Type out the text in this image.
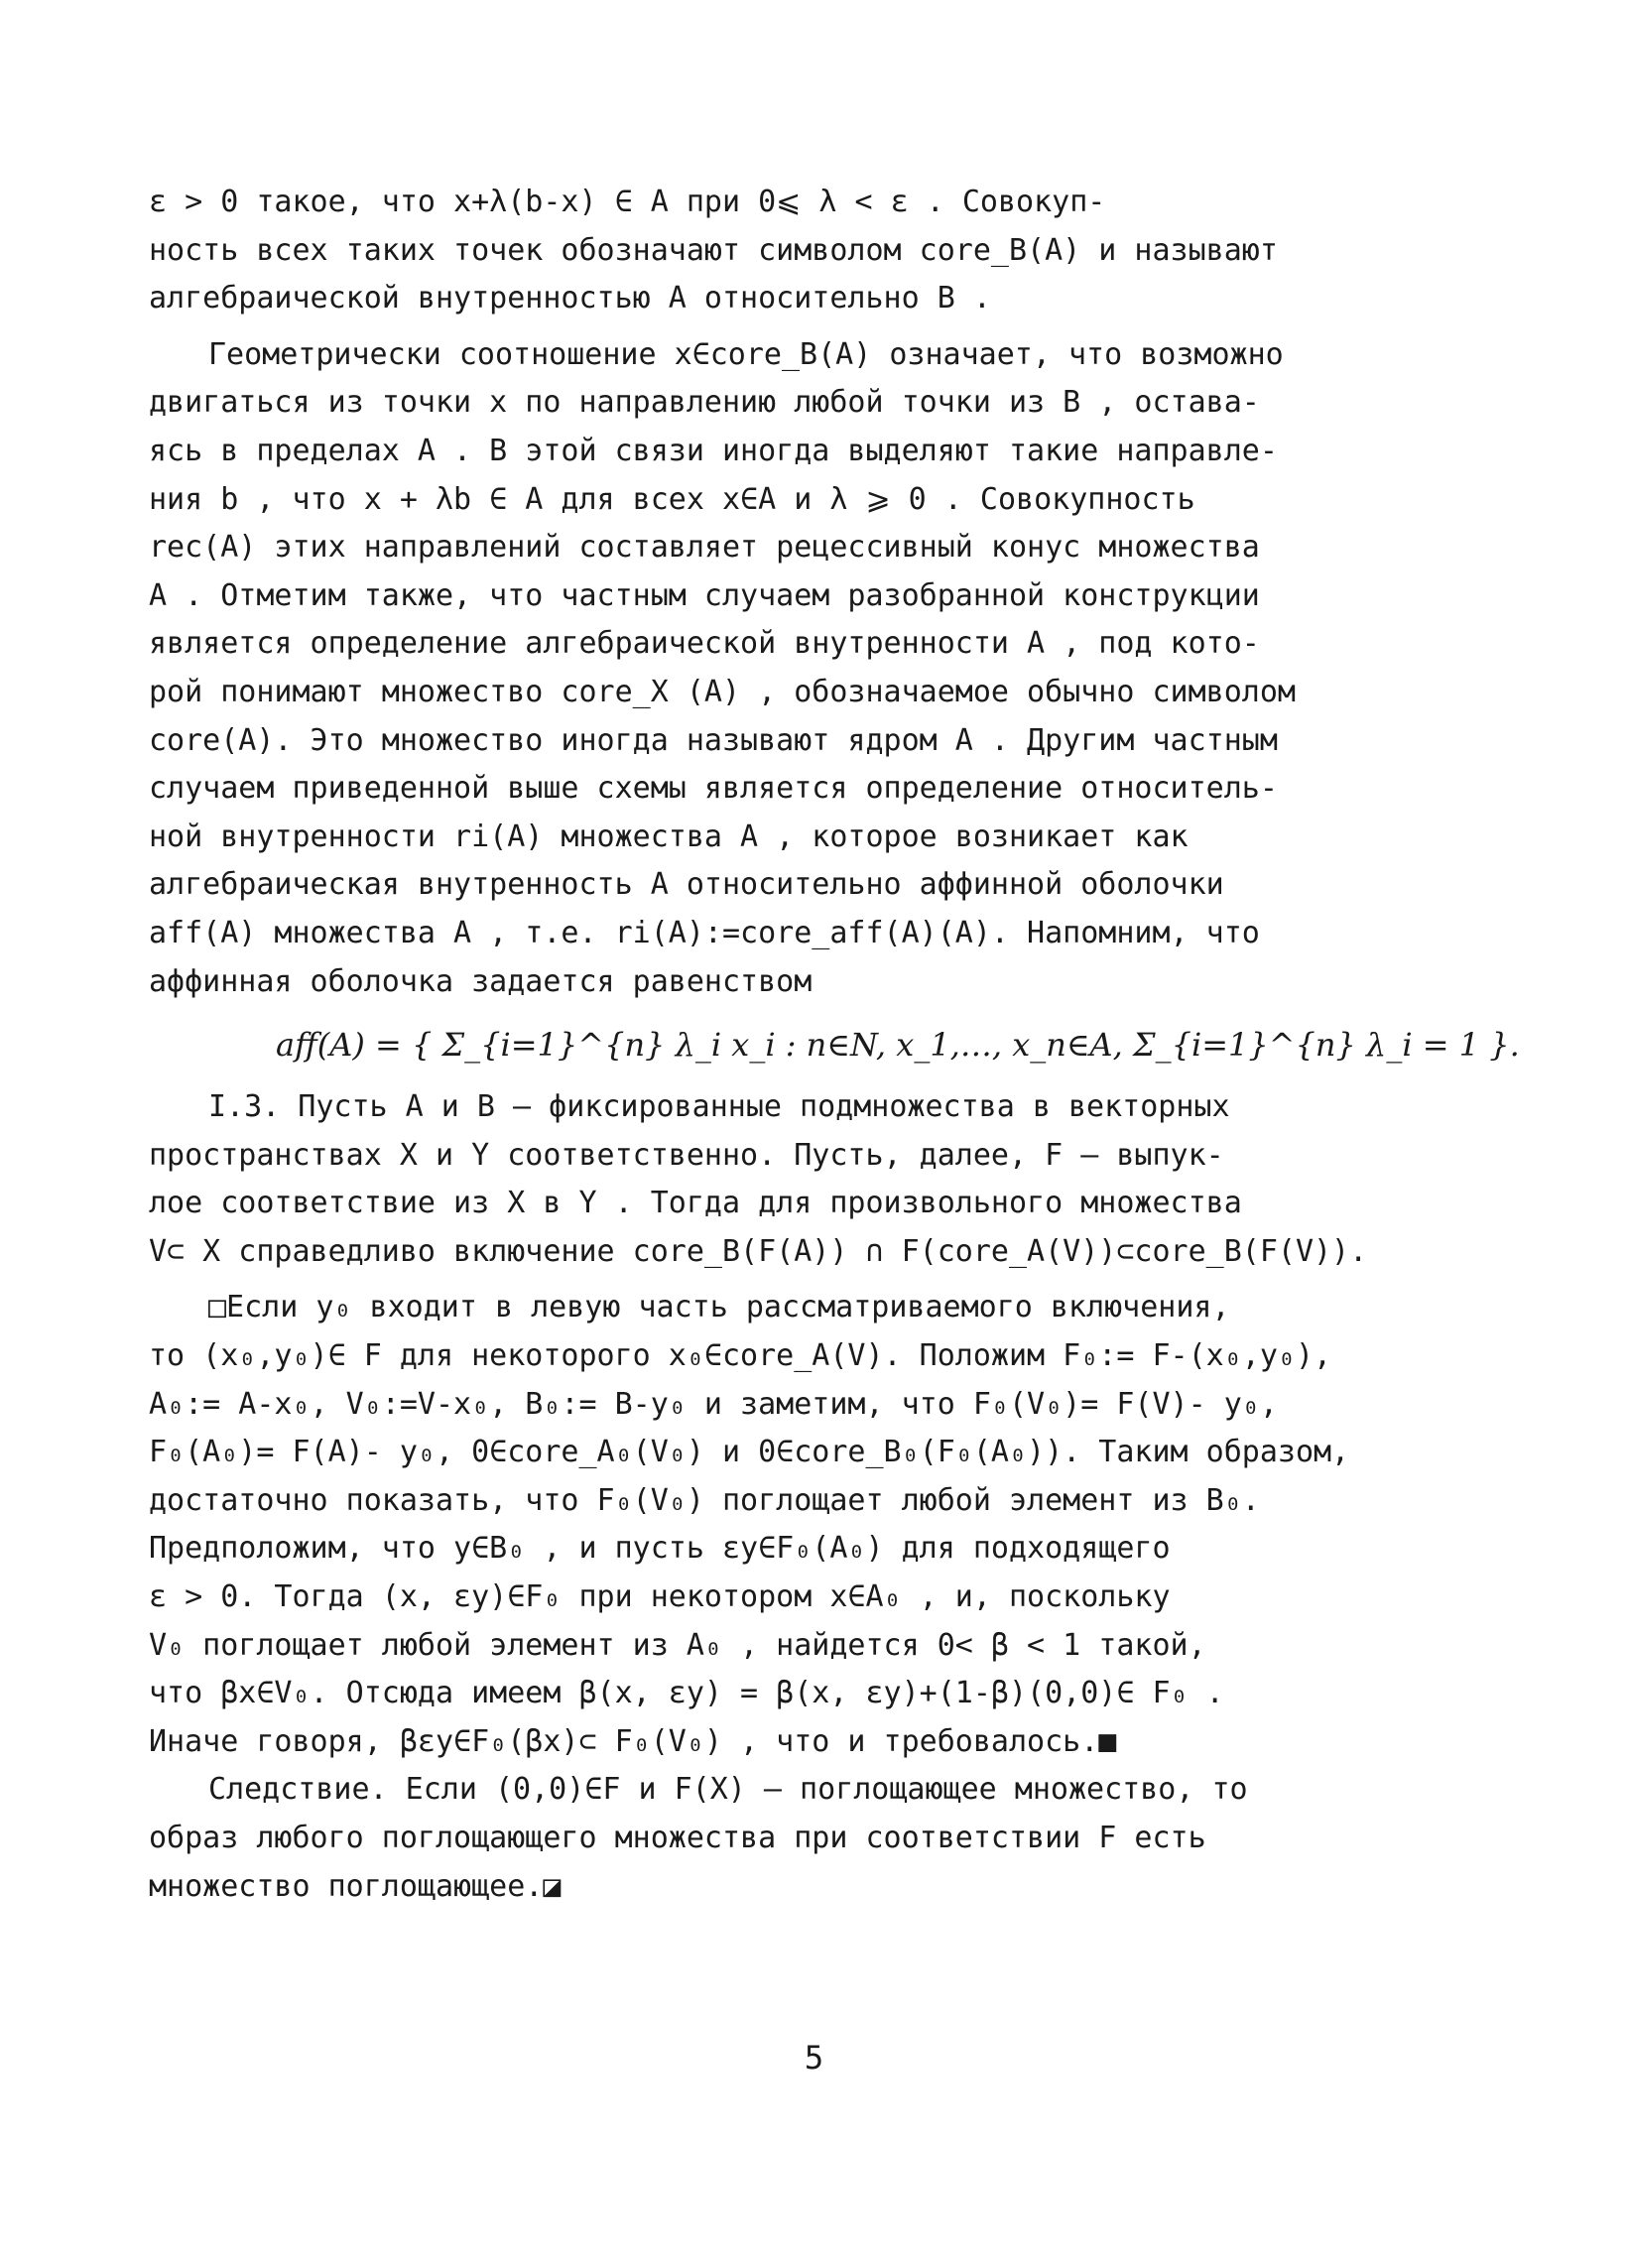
ε > 0 такое, что x+λ(b-x) ∈ A при 0⩽ λ < ε . Совокуп-
ность всех таких точек обозначают символом core_B(A) и называют
алгебраической внутренностью A относительно B .
Геометрически соотношение x∈core_B(A) означает, что возможно
двигаться из точки x по направлению любой точки из B , остава-
ясь в пределах A . В этой связи иногда выделяют такие направле-
ния b , что x + λb ∈ A для всех x∈A и λ ⩾ 0 . Совокупность
rec(A) этих направлений составляет рецессивный конус множества
A . Отметим также, что частным случаем разобранной конструкции
является определение алгебраической внутренности A , под кото-
рой понимают множество core_X (A) , обозначаемое обычно символом
core(A). Это множество иногда называют ядром A . Другим частным
случаем приведенной выше схемы является определение относитель-
ной внутренности ri(A) множества A , которое возникает как
алгебраическая внутренность A относительно аффинной оболочки
aff(A) множества A , т.е. ri(A):=core_aff(A)(A). Напомним, что
аффинная оболочка задается равенством
aff(A) = { Σ_{i=1}^{n} λ_i x_i : n∈N, x_1,…, x_n∈A, Σ_{i=1}^{n} λ_i = 1 }.
I.3. Пусть A и B – фиксированные подмножества в векторных
пространствах X и Y соответственно. Пусть, далее, F – выпук-
лое соответствие из X в Y . Тогда для произвольного множества
V⊂ X справедливо включение core_B(F(A)) ∩ F(core_A(V))⊂core_B(F(V)).
□Если y₀ входит в левую часть рассматриваемого включения,
то (x₀,y₀)∈ F для некоторого x₀∈core_A(V). Положим F₀:= F-(x₀,y₀),
A₀:= A-x₀, V₀:=V-x₀, B₀:= B-y₀ и заметим, что F₀(V₀)= F(V)- y₀,
F₀(A₀)= F(A)- y₀, 0∈core_A₀(V₀) и 0∈core_B₀(F₀(A₀)). Таким образом,
достаточно показать, что F₀(V₀) поглощает любой элемент из B₀.
Предположим, что y∈B₀ , и пусть εy∈F₀(A₀) для подходящего
ε > 0. Тогда (x, εy)∈F₀ при некотором x∈A₀ , и, поскольку
V₀ поглощает любой элемент из A₀ , найдется 0< β < 1 такой,
что βx∈V₀. Отсюда имеем β(x, εy) = β(x, εy)+(1-β)(0,0)∈ F₀ .
Иначе говоря, βεy∈F₀(βx)⊂ F₀(V₀) , что и требовалось.■
Следствие. Если (0,0)∈F и F(X) – поглощающее множество, то
образ любого поглощающего множества при соответствии F есть
множество поглощающее.◪
5
